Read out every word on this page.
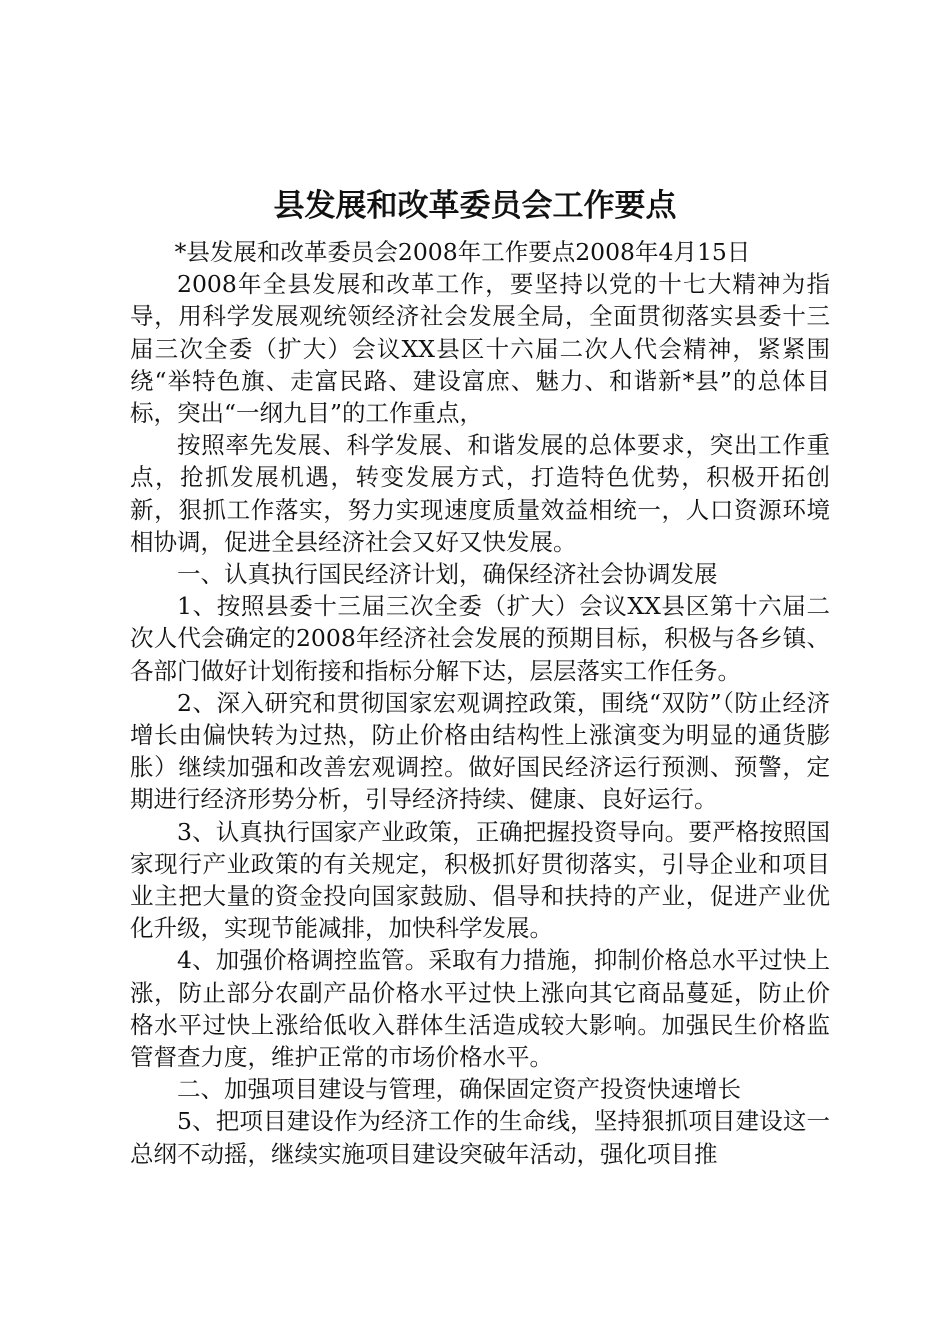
县发展和改革委员会工作要点

*县发展和改革委员会2008年工作要点2008年4月15日

2008年全县发展和改革工作，要坚持以党的十七大精神为指导，用科学发展观统领经济社会发展全局，全面贯彻落实县委十三届三次全委（扩大）会议XX县区十六届二次人代会精神，紧紧围绕“举特色旗、走富民路、建设富庶、魅力、和谐新*县”的总体目标，突出“一纲九目”的工作重点，

按照率先发展、科学发展、和谐发展的总体要求，突出工作重点，抢抓发展机遇，转变发展方式，打造特色优势，积极开拓创新，狠抓工作落实，努力实现速度质量效益相统一，人口资源环境相协调，促进全县经济社会又好又快发展。

一、认真执行国民经济计划，确保经济社会协调发展

1、按照县委十三届三次全委（扩大）会议XX县区第十六届二次人代会确定的2008年经济社会发展的预期目标，积极与各乡镇、各部门做好计划衔接和指标分解下达，层层落实工作任务。

2、深入研究和贯彻国家宏观调控政策，围绕“双防”（防止经济增长由偏快转为过热，防止价格由结构性上涨演变为明显的通货膨胀）继续加强和改善宏观调控。做好国民经济运行预测、预警，定期进行经济形势分析，引导经济持续、健康、良好运行。

3、认真执行国家产业政策，正确把握投资导向。要严格按照国家现行产业政策的有关规定，积极抓好贯彻落实，引导企业和项目业主把大量的资金投向国家鼓励、倡导和扶持的产业，促进产业优化升级，实现节能减排，加快科学发展。

4、加强价格调控监管。采取有力措施，抑制价格总水平过快上涨，防止部分农副产品价格水平过快上涨向其它商品蔓延，防止价格水平过快上涨给低收入群体生活造成较大影响。加强民生价格监管督查力度，维护正常的市场价格水平。

二、加强项目建设与管理，确保固定资产投资快速增长

5、把项目建设作为经济工作的生命线，坚持狠抓项目建设这一总纲不动摇，继续实施项目建设突破年活动，强化项目推
